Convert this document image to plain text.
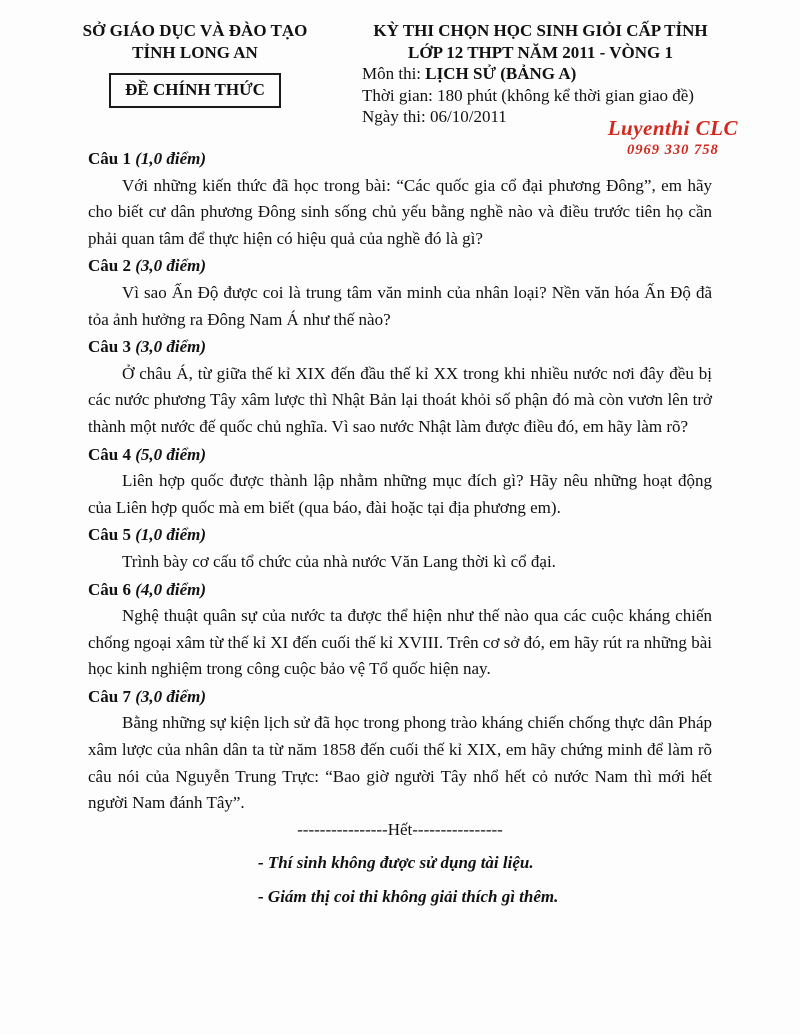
SỞ GIÁO DỤC VÀ ĐÀO TẠO
TỈNH LONG AN
ĐỀ CHÍNH THỨC
KỲ THI CHỌN HỌC SINH GIỎI CẤP TỈNH
LỚP 12 THPT NĂM 2011 - VÒNG 1
Môn thi: LỊCH SỬ (BẢNG A)
Thời gian: 180 phút (không kể thời gian giao đề)
Ngày thi: 06/10/2011	Luyenthi CLC
0969 330 758

Câu 1 (1,0 điểm)

Với những kiến thức đã học trong bài: “Các quốc gia cổ đại phương Đông”, em hãy cho biết cư dân phương Đông sinh sống chủ yếu bằng nghề nào và điều trước tiên họ cần phải quan tâm để thực hiện có hiệu quả của nghề đó là gì?

Câu 2 (3,0 điểm)

Vì sao Ấn Độ được coi là trung tâm văn minh của nhân loại? Nền văn hóa Ấn Độ đã tỏa ảnh hưởng ra Đông Nam Á như thế nào?

Câu 3 (3,0 điểm)

Ở châu Á, từ giữa thế kỉ XIX đến đầu thế kỉ XX trong khi nhiều nước nơi đây đều bị các nước phương Tây xâm lược thì Nhật Bản lại thoát khỏi số phận đó mà còn vươn lên trở thành một nước đế quốc chủ nghĩa. Vì sao nước Nhật làm được điều đó, em hãy làm rõ?

Câu 4 (5,0 điểm)

Liên hợp quốc được thành lập nhằm những mục đích gì? Hãy nêu những hoạt động của Liên hợp quốc mà em biết (qua báo, đài hoặc tại địa phương em).

Câu 5 (1,0 điểm)

Trình bày cơ cấu tổ chức của nhà nước Văn Lang thời kì cổ đại.

Câu 6 (4,0 điểm)

Nghệ thuật quân sự của nước ta được thể hiện như thế nào qua các cuộc kháng chiến chống ngoại xâm từ thế kỉ XI đến cuối thế kỉ XVIII. Trên cơ sở đó, em hãy rút ra những bài học kinh nghiệm trong công cuộc bảo vệ Tổ quốc hiện nay.

Câu 7 (3,0 điểm)

Bằng những sự kiện lịch sử đã học trong phong trào kháng chiến chống thực dân Pháp xâm lược của nhân dân ta từ năm 1858 đến cuối thế kỉ XIX, em hãy chứng minh để làm rõ câu nói của Nguyễn Trung Trực: “Bao giờ người Tây nhổ hết cỏ nước Nam thì mới hết người Nam đánh Tây”.

----------------Hết----------------

- Thí sinh không được sử dụng tài liệu.

- Giám thị coi thi không giải thích gì thêm.
